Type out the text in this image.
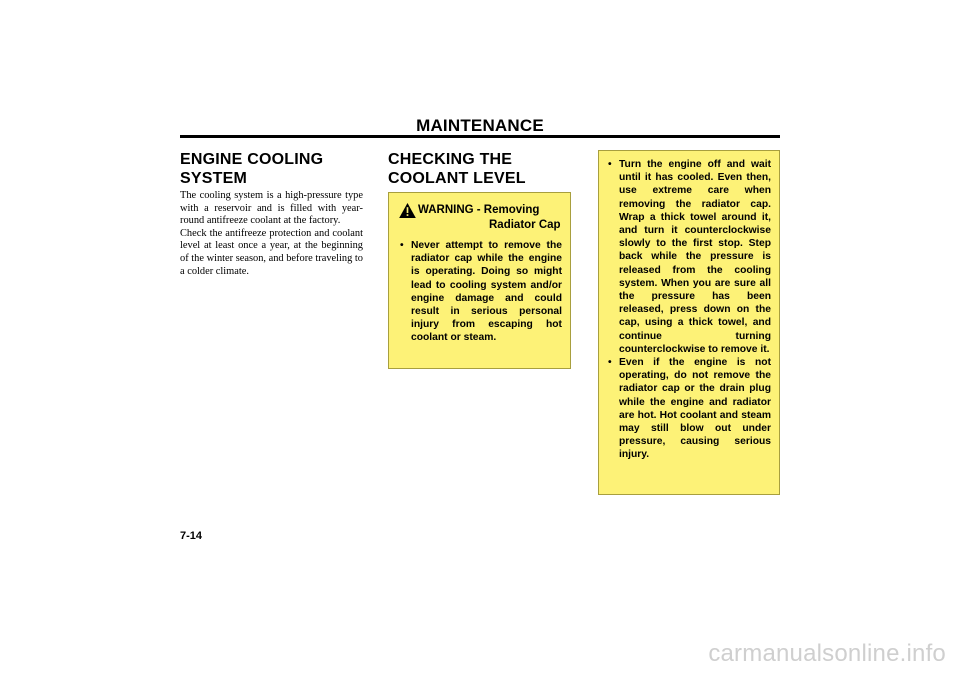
MAINTENANCE
ENGINE COOLING SYSTEM

The cooling system is a high-pressure type with a reservoir and is filled with year-round antifreeze coolant at the factory.

Check the antifreeze protection and coolant level at least once a year, at the beginning of the winter season, and before traveling to a colder climate.

CHECKING THE COOLANT LEVEL
WARNING - Removing
Radiator Cap
• Never attempt to remove the radiator cap while the engine is operating. Doing so might lead to cooling system and/or engine damage and could result in serious personal injury from escaping hot coolant or steam.
• Turn the engine off and wait until it has cooled. Even then, use extreme care when removing the radiator cap. Wrap a thick towel around it, and turn it counterclockwise slowly to the first stop. Step back while the pressure is released from the cooling system. When you are sure all the pressure has been released, press down on the cap, using a thick towel, and continue turning counterclockwise to remove it.
• Even if the engine is not operating, do not remove the radiator cap or the drain plug while the engine and radiator are hot. Hot coolant and steam may still blow out under pressure, causing serious injury.
7-14
carmanualsonline.info
